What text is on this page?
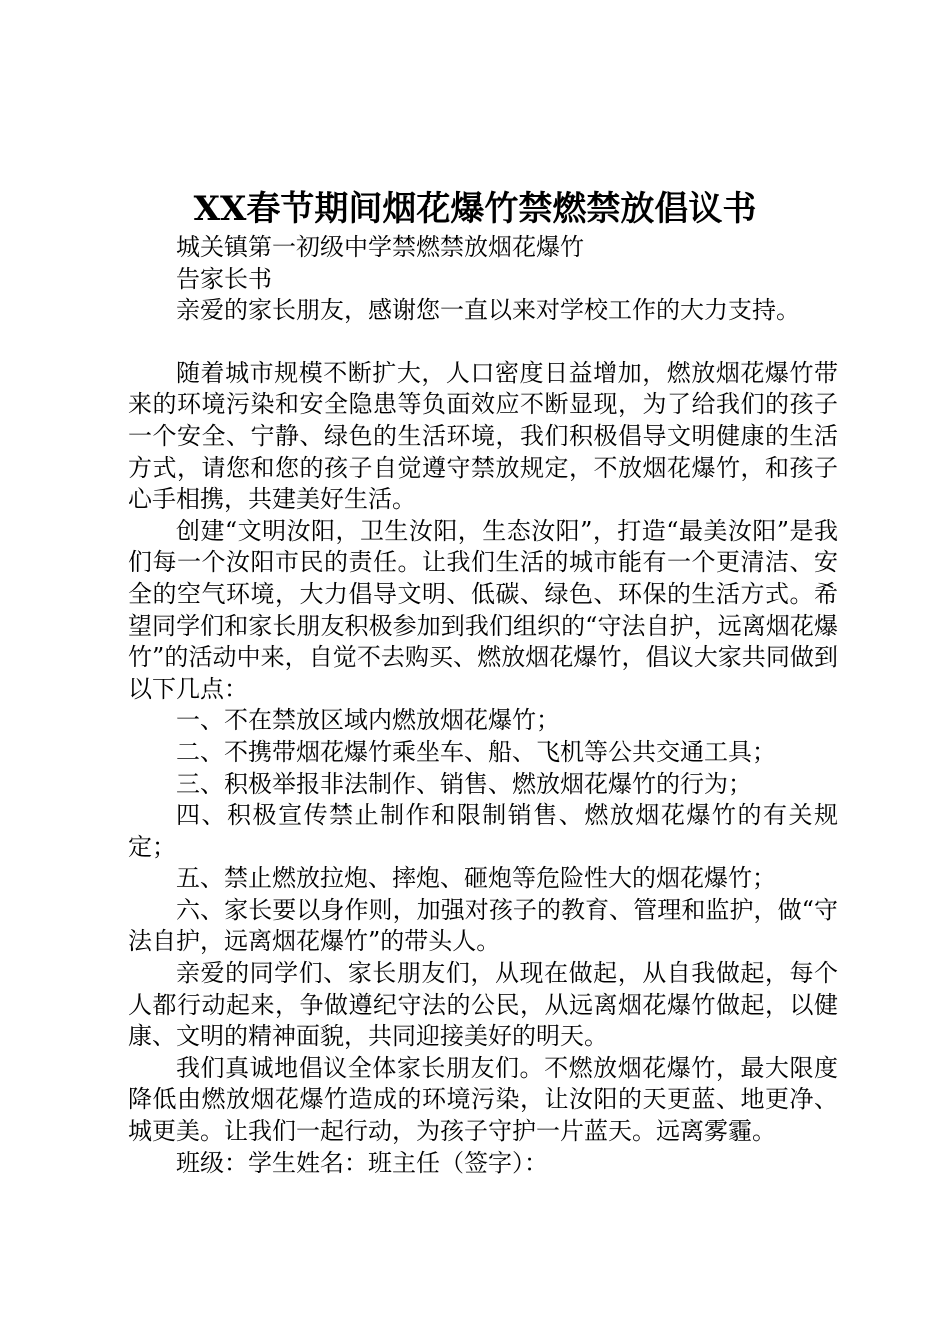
XX春节期间烟花爆竹禁燃禁放倡议书

城关镇第一初级中学禁燃禁放烟花爆竹

告家长书

亲爱的家长朋友，感谢您一直以来对学校工作的大力支持。

随着城市规模不断扩大，人口密度日益增加，燃放烟花爆竹带来的环境污染和安全隐患等负面效应不断显现，为了给我们的孩子一个安全、宁静、绿色的生活环境，我们积极倡导文明健康的生活方式，请您和您的孩子自觉遵守禁放规定，不放烟花爆竹，和孩子心手相携，共建美好生活。

创建“文明汝阳，卫生汝阳，生态汝阳”，打造“最美汝阳”是我们每一个汝阳市民的责任。让我们生活的城市能有一个更清洁、安全的空气环境，大力倡导文明、低碳、绿色、环保的生活方式。希望同学们和家长朋友积极参加到我们组织的“守法自护，远离烟花爆竹”的活动中来，自觉不去购买、燃放烟花爆竹，倡议大家共同做到以下几点：

一、不在禁放区域内燃放烟花爆竹；

二、不携带烟花爆竹乘坐车、船、飞机等公共交通工具；

三、积极举报非法制作、销售、燃放烟花爆竹的行为；

四、积极宣传禁止制作和限制销售、燃放烟花爆竹的有关规定；

五、禁止燃放拉炮、摔炮、砸炮等危险性大的烟花爆竹；

六、家长要以身作则，加强对孩子的教育、管理和监护，做“守法自护，远离烟花爆竹”的带头人。

亲爱的同学们、家长朋友们，从现在做起，从自我做起，每个人都行动起来，争做遵纪守法的公民，从远离烟花爆竹做起，以健康、文明的精神面貌，共同迎接美好的明天。

我们真诚地倡议全体家长朋友们。不燃放烟花爆竹，最大限度降低由燃放烟花爆竹造成的环境污染，让汝阳的天更蓝、地更净、城更美。让我们一起行动，为孩子守护一片蓝天。远离雾霾。

班级：学生姓名：班主任（签字）：
